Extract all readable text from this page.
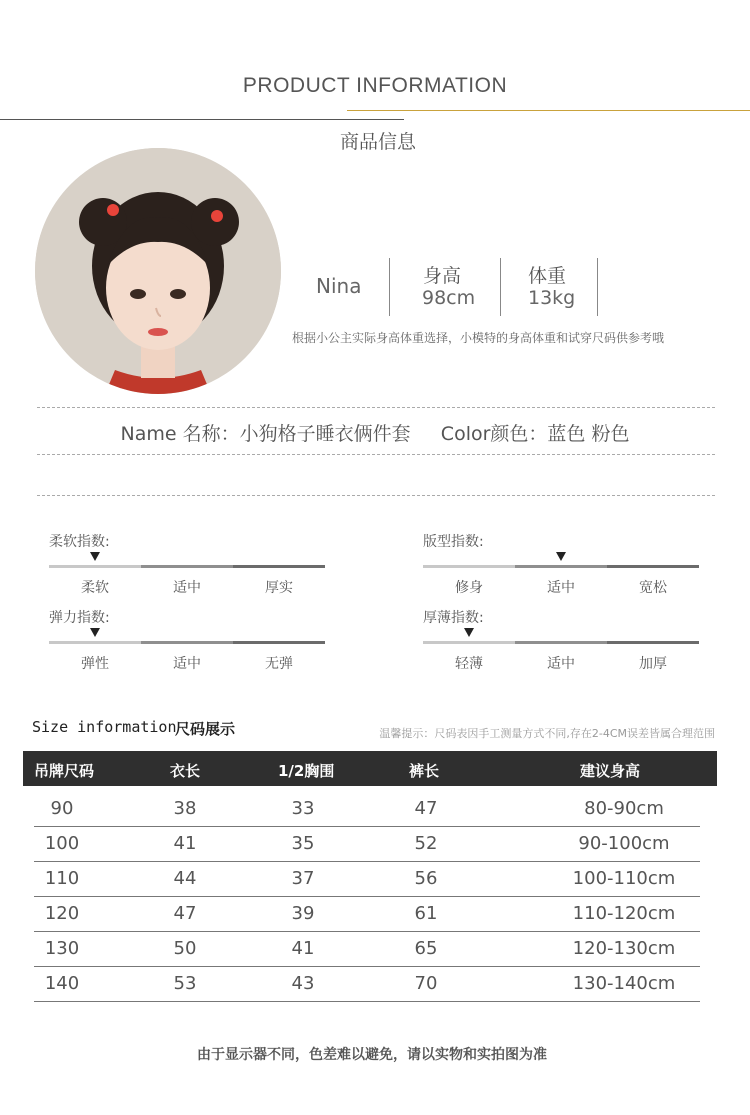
PRODUCT INFORMATION
商品信息
Nina	身高
98cm
体重
13kg
根据小公主实际身高体重选择，小模特的身高体重和试穿尺码供参考哦
Name 名称：小狗格子睡衣俩件套     Color颜色：蓝色 粉色
柔软指数:
柔软	适中	厚实
版型指数:
修身	适中	宽松
弹力指数:
弹性	适中	无弹
厚薄指数:
轻薄	适中	加厚
Size information
尺码展示	温馨提示：尺码表因手工测量方式不同,存在2-4CM误差皆属合理范围
吊牌尺码	衣长	1/2胸围	裤长	建议身高
90	38	33	47	80-90cm
100	41	35	52	90-100cm
110	44	37	56	100-110cm
120	47	39	61	110-120cm
130	50	41	65	120-130cm
140	53	43	70	130-140cm
由于显示器不同，色差难以避免，请以实物和实拍图为准
